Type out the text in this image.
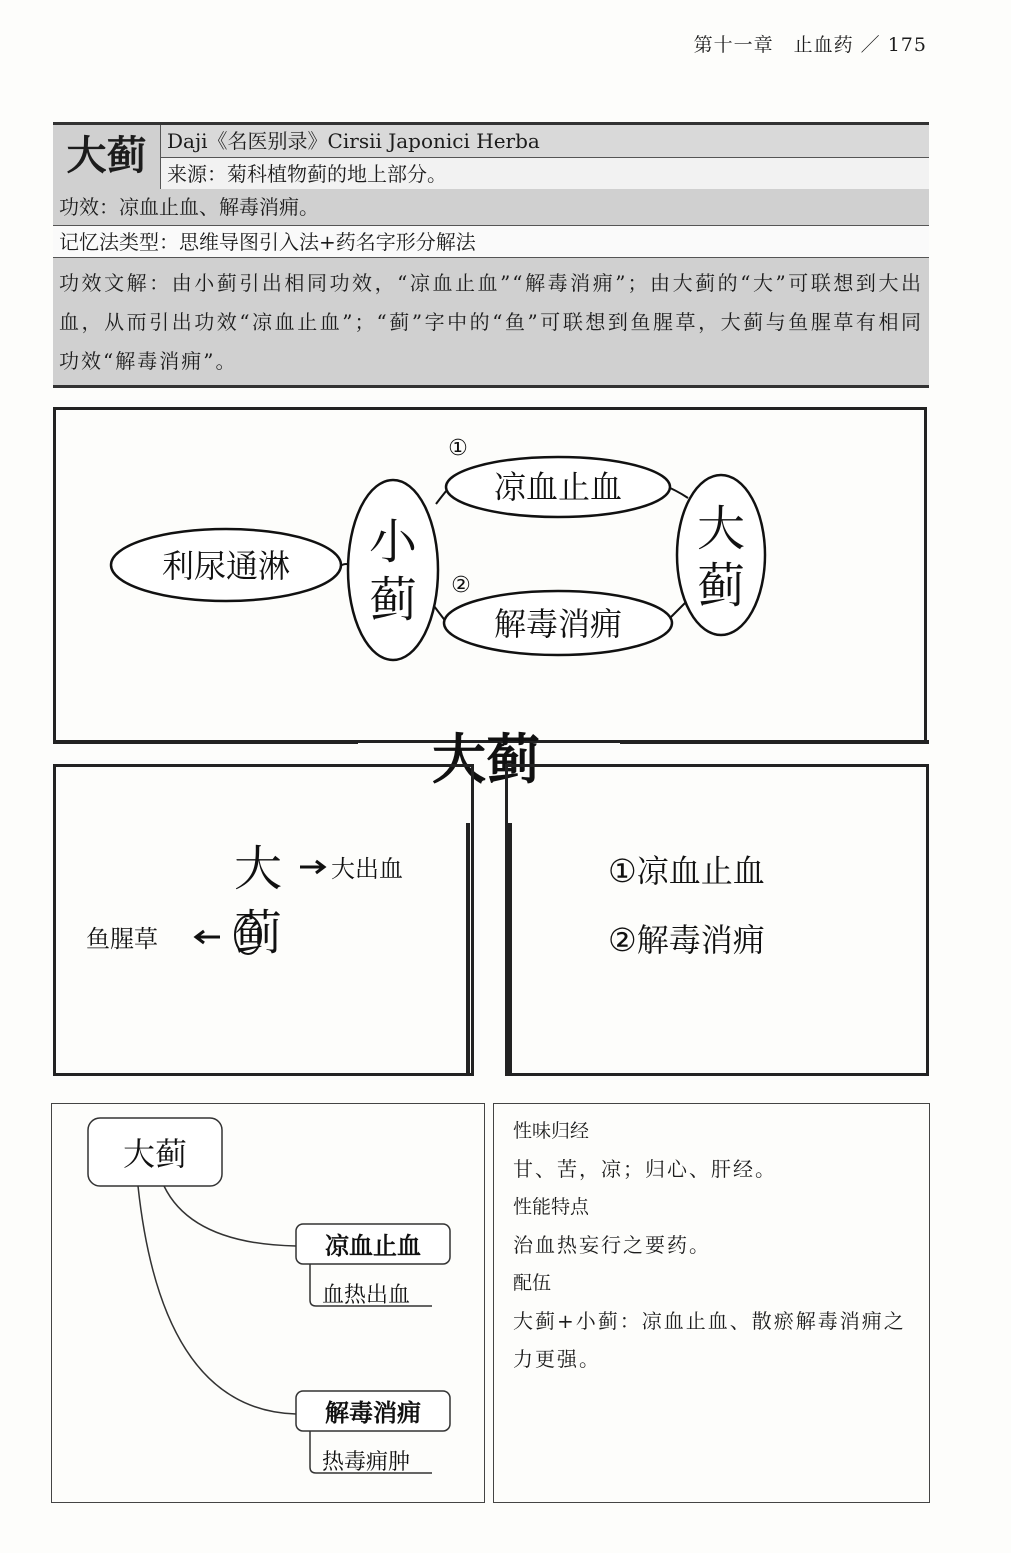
第十一章　止血药 ／ 175
大蓟	Daji《名医别录》Cirsii Japonici Herba
来源：菊科植物蓟的地上部分。
功效：凉血止血、解毒消痈。
记忆法类型：思维导图引入法+药名字形分解法
功效文解：由小蓟引出相同功效，“凉血止血”“解毒消痈”；由大蓟的“大”可联想到大出血，从而引出功效“凉血止血”；“蓟”字中的“鱼”可联想到鱼腥草，大蓟与鱼腥草有相同功效“解毒消痈”。
利尿通淋 小
蓟
①
凉血止血
②
解毒消痈
大
蓟
大蓟
大
蓟
大出血
鱼腥草
①凉血止血
②解毒消痈
大蓟
凉血止血
血热出血
解毒消痈
热毒痈肿
性味归经
甘、苦，凉；归心、肝经。
性能特点
治血热妄行之要药。
配伍
大蓟+小蓟：凉血止血、散瘀解毒消痈之力更强。
